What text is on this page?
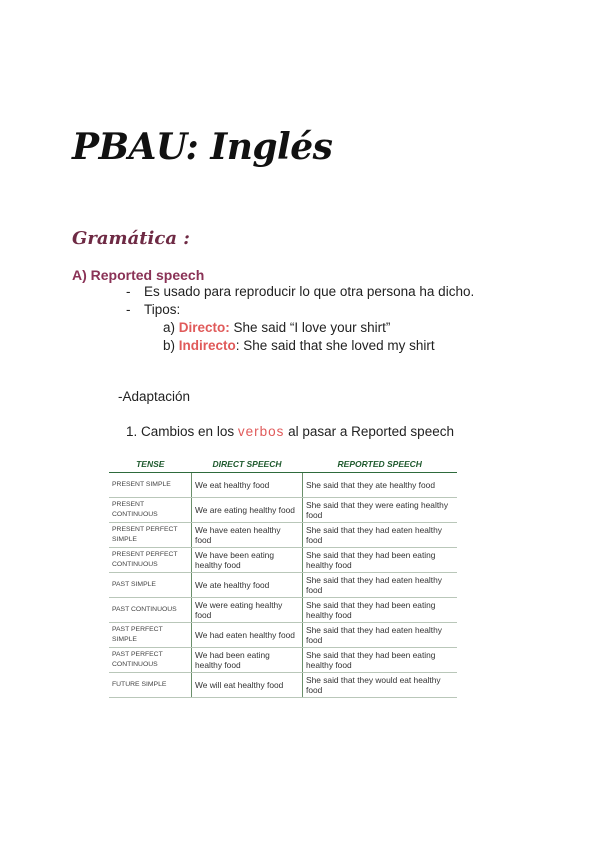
PBAU: Inglés
Gramática :
A) Reported speech
- Es usado para reproducir lo que otra persona ha dicho.
- Tipos:
a) Directo: She said “I love your shirt”
b) Indirecto: She said that she loved my shirt
-Adaptación
1. Cambios en los verbos al pasar a Reported speech
TENSE	DIRECT SPEECH	REPORTED SPEECH
PRESENT SIMPLE	We eat healthy food	She said that they ate healthy food
PRESENT CONTINUOUS	We are eating healthy food	She said that they were eating healthy food
PRESENT PERFECT SIMPLE	We have eaten healthy food	She said that they had eaten healthy food
PRESENT PERFECT CONTINUOUS	We have been eating healthy food	She said that they had been eating healthy food
PAST SIMPLE	We ate healthy food	She said that they had eaten healthy food
PAST CONTINUOUS	We were eating healthy food	She said that they had been eating healthy food
PAST PERFECT SIMPLE	We had eaten healthy food	She said that they had eaten healthy food
PAST PERFECT CONTINUOUS	We had been eating healthy food	She said that they had been eating healthy food
FUTURE SIMPLE	We will eat healthy food	She said that they would eat healthy food
